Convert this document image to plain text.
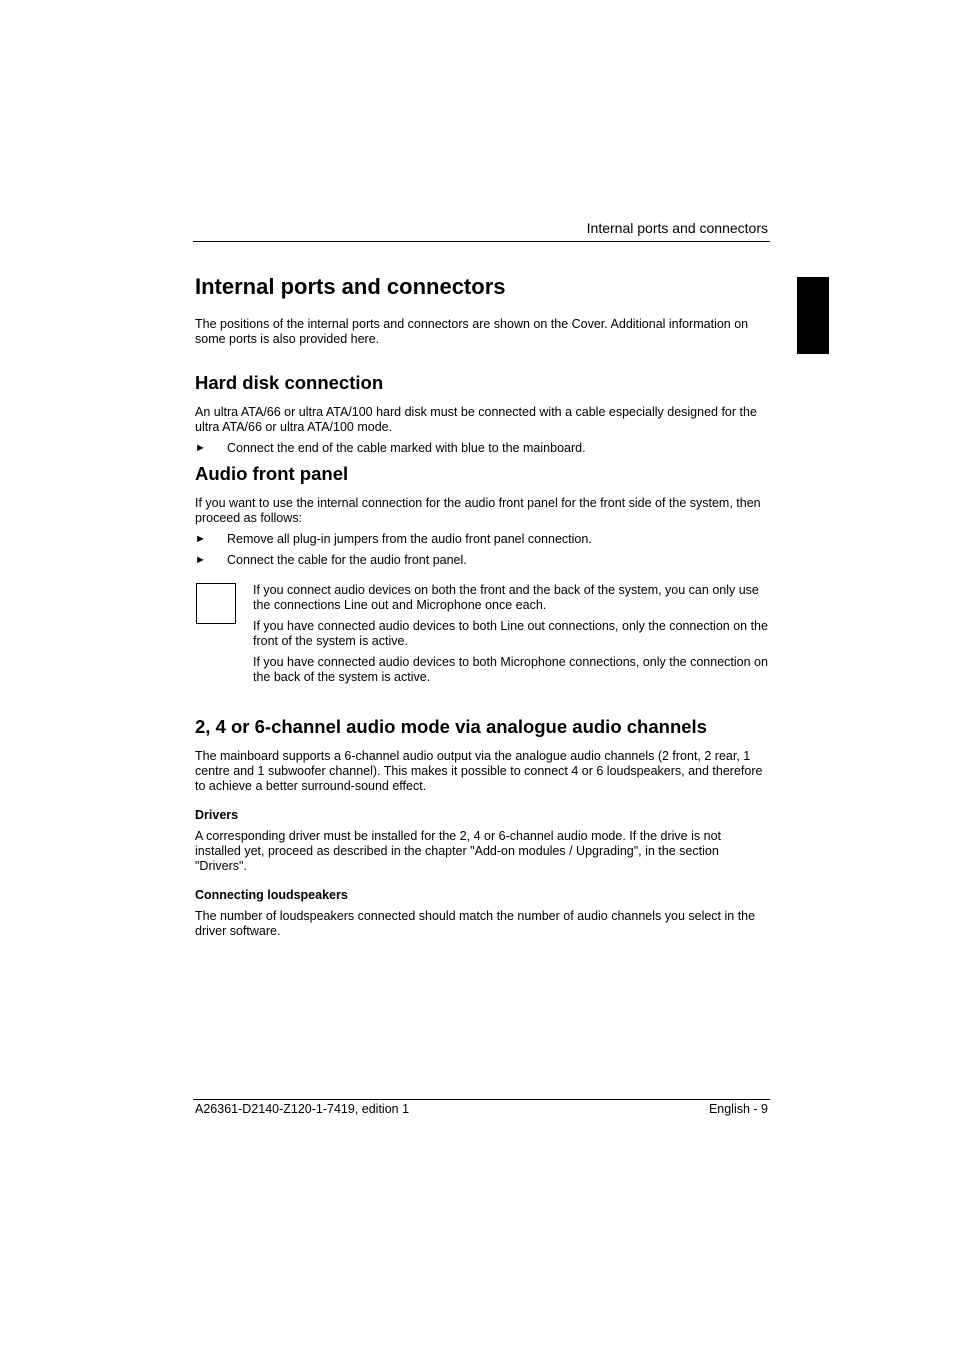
Internal ports and connectors
Internal ports and connectors

The positions of the internal ports and connectors are shown on the Cover. Additional information on some ports is also provided here.

Hard disk connection

An ultra ATA/66 or ultra ATA/100 hard disk must be connected with a cable especially designed for the ultra ATA/66 or ultra ATA/100 mode.

► Connect the end of the cable marked with blue to the mainboard.
Audio front panel

If you want to use the internal connection for the audio front panel for the front side of the system, then proceed as follows:

► Remove all plug-in jumpers from the audio front panel connection.
► Connect the cable for the audio front panel.

If you connect audio devices on both the front and the back of the system, you can only use the connections Line out and Microphone once each.

If you have connected audio devices to both Line out connections, only the connection on the front of the system is active.

If you have connected audio devices to both Microphone connections, only the connection on the back of the system is active.

2, 4 or 6-channel audio mode via analogue audio channels

The mainboard supports a 6-channel audio output via the analogue audio channels (2 front, 2 rear, 1 centre and 1 subwoofer channel). This makes it possible to connect 4 or 6 loudspeakers, and therefore to achieve a better surround-sound effect.

Drivers

A corresponding driver must be installed for the 2, 4 or 6-channel audio mode. If the drive is not installed yet, proceed as described in the chapter "Add-on modules / Upgrading", in the section "Drivers".

Connecting loudspeakers

The number of loudspeakers connected should match the number of audio channels you select in the driver software.

A26361-D2140-Z120-1-7419, edition 1	English - 9
